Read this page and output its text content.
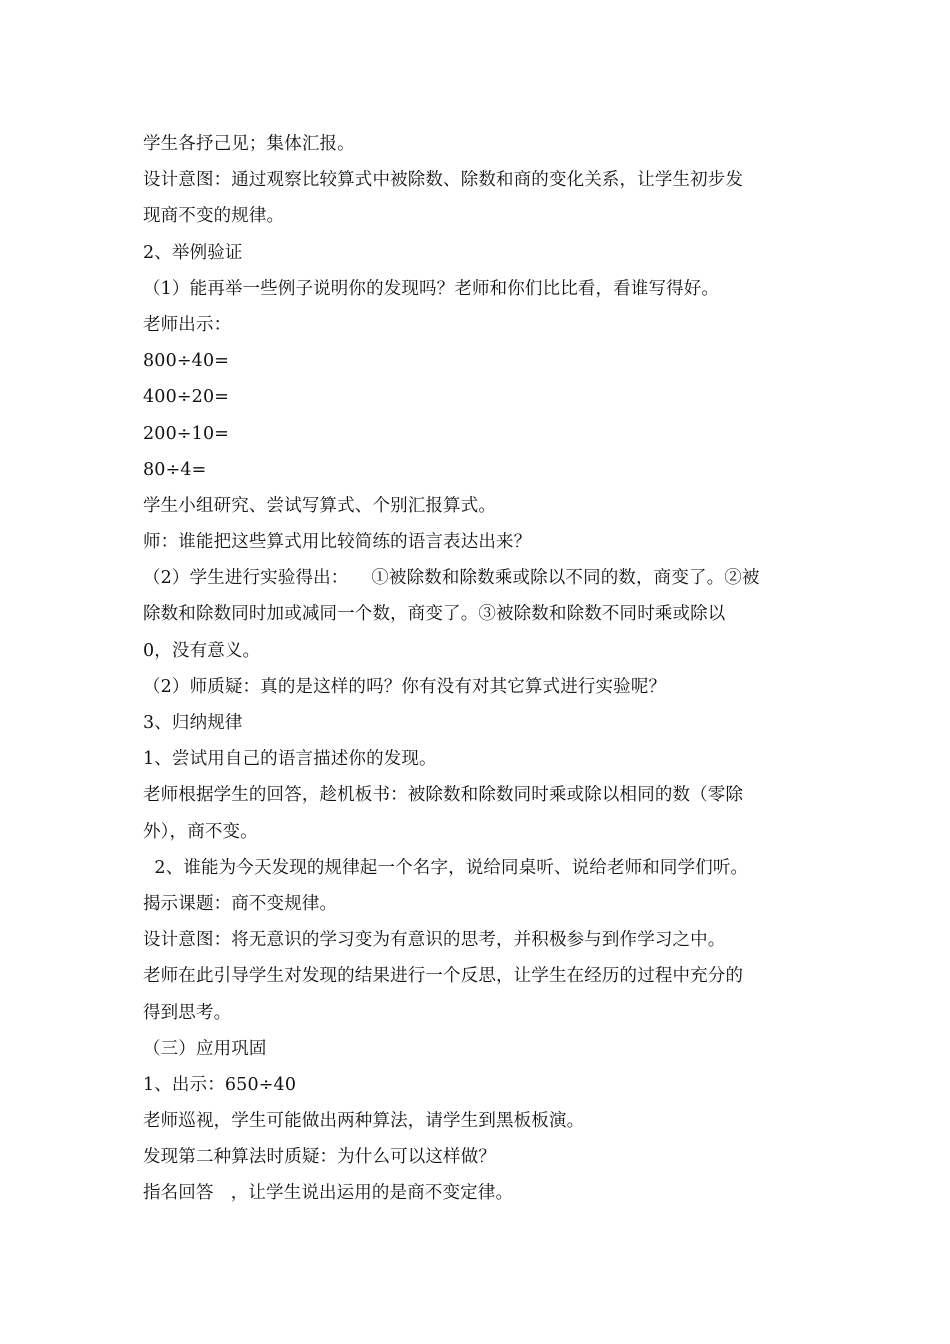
学生各抒己见；集体汇报。
设计意图：通过观察比较算式中被除数、除数和商的变化关系，让学生初步发
现商不变的规律。
2、举例验证
（1）能再举一些例子说明你的发现吗？老师和你们比比看，看谁写得好。
老师出示：
800÷40=
400÷20=
200÷10=
80÷4=
学生小组研究、尝试写算式、个别汇报算式。
师：谁能把这些算式用比较简练的语言表达出来？
（2）学生进行实验得出：    ①被除数和除数乘或除以不同的数，商变了。②被
除数和除数同时加或减同一个数，商变了。③被除数和除数不同时乘或除以
0，没有意义。
（2）师质疑：真的是这样的吗？你有没有对其它算式进行实验呢？
3、归纳规律
1、尝试用自己的语言描述你的发现。
老师根据学生的回答，趁机板书：被除数和除数同时乘或除以相同的数（零除
外），商不变。
2、谁能为今天发现的规律起一个名字，说给同桌听、说给老师和同学们听。
揭示课题：商不变规律。
设计意图：将无意识的学习变为有意识的思考，并积极参与到作学习之中。
老师在此引导学生对发现的结果进行一个反思，让学生在经历的过程中充分的
得到思考。
（三）应用巩固
1、出示：650÷40
老师巡视，学生可能做出两种算法，请学生到黑板板演。
发现第二种算法时质疑：为什么可以这样做？
指名回答   ，让学生说出运用的是商不变定律。
